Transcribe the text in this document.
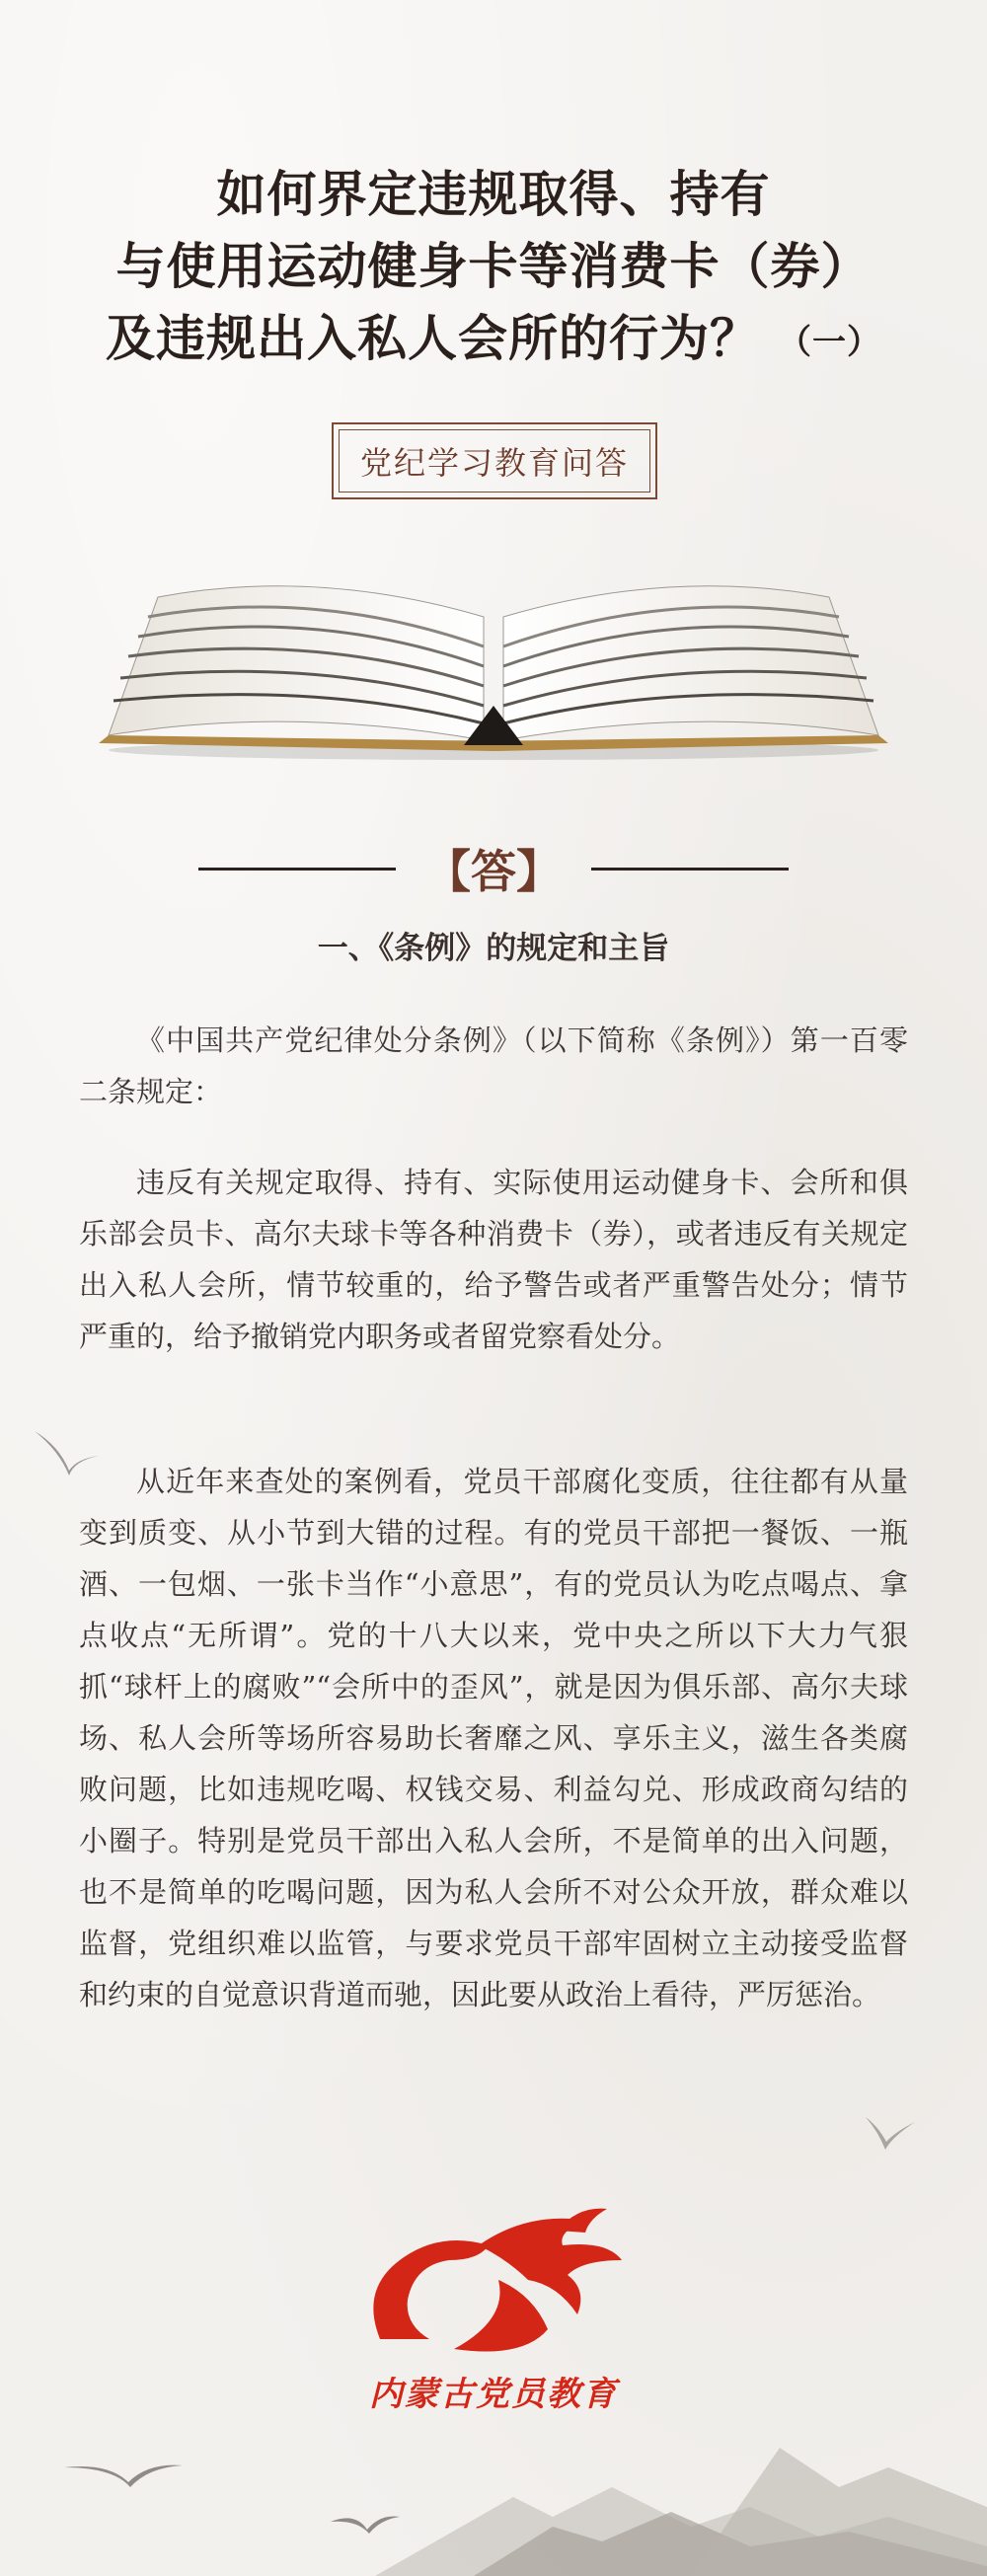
如何界定违规取得、持有
与使用运动健身卡等消费卡（券）
及违规出入私人会所的行为？ （一）
党纪学习教育问答
【答】
一、《条例》的规定和主旨

《中国共产党纪律处分条例》（以下简称《条例》）第一百零二条规定：

违反有关规定取得、持有、实际使用运动健身卡、会所和俱乐部会员卡、高尔夫球卡等各种消费卡（券），或者违反有关规定出入私人会所，情节较重的，给予警告或者严重警告处分；情节严重的，给予撤销党内职务或者留党察看处分。

从近年来查处的案例看，党员干部腐化变质，往往都有从量变到质变、从小节到大错的过程。有的党员干部把一餐饭、一瓶酒、一包烟、一张卡当作“小意思”，有的党员认为吃点喝点、拿点收点“无所谓”。党的十八大以来，党中央之所以下大力气狠抓“球杆上的腐败”“会所中的歪风”，就是因为俱乐部、高尔夫球场、私人会所等场所容易助长奢靡之风、享乐主义，滋生各类腐败问题，比如违规吃喝、权钱交易、利益勾兑、形成政商勾结的小圈子。特别是党员干部出入私人会所，不是简单的出入问题，也不是简单的吃喝问题，因为私人会所不对公众开放，群众难以监督，党组织难以监管，与要求党员干部牢固树立主动接受监督和约束的自觉意识背道而驰，因此要从政治上看待，严厉惩治。

内蒙古党员教育
